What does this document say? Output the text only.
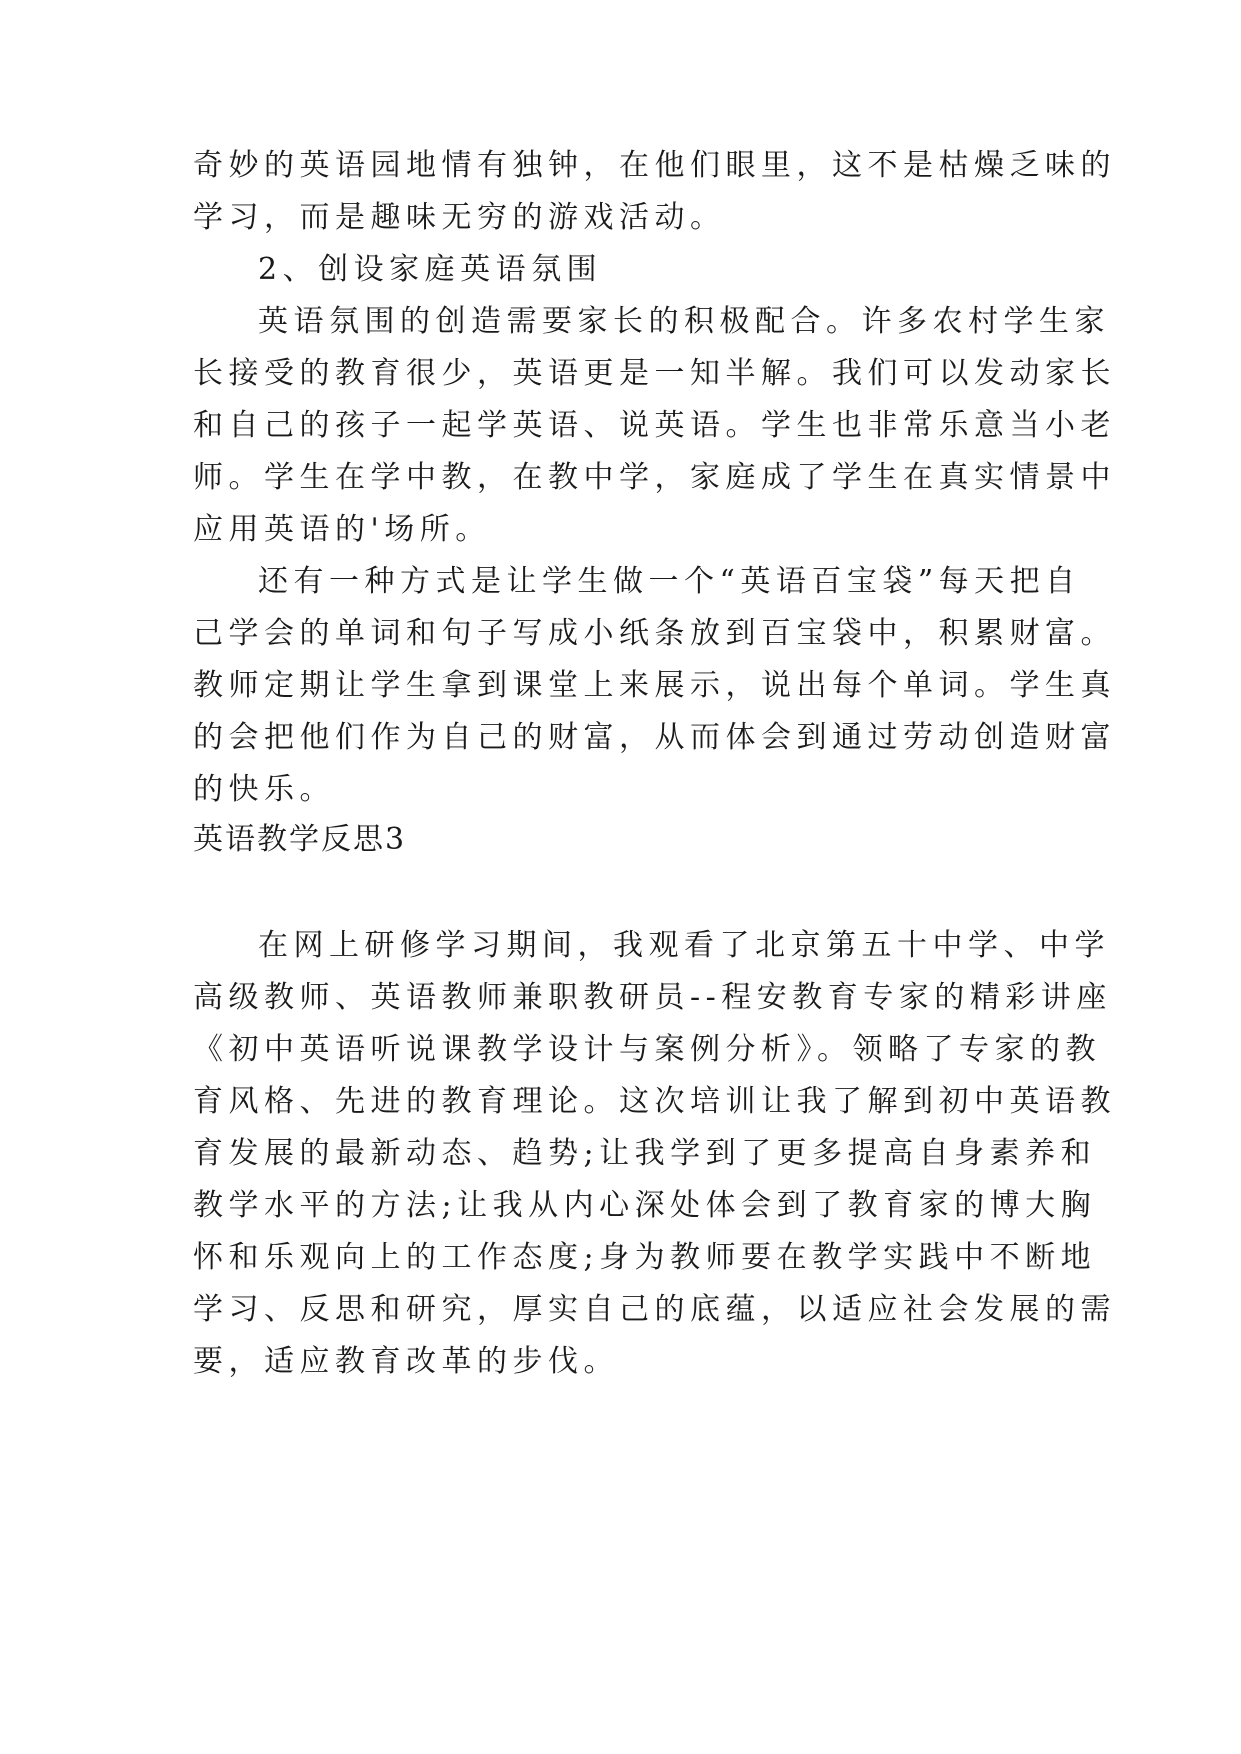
奇妙的英语园地情有独钟，在他们眼里，这不是枯燥乏味的
学习，而是趣味无穷的游戏活动。
2、创设家庭英语氛围
英语氛围的创造需要家长的积极配合。许多农村学生家
长接受的教育很少，英语更是一知半解。我们可以发动家长
和自己的孩子一起学英语、说英语。学生也非常乐意当小老
师。学生在学中教，在教中学，家庭成了学生在真实情景中
应用英语的'场所。
还有一种方式是让学生做一个“英语百宝袋”每天把自
己学会的单词和句子写成小纸条放到百宝袋中，积累财富。
教师定期让学生拿到课堂上来展示，说出每个单词。学生真
的会把他们作为自己的财富，从而体会到通过劳动创造财富
的快乐。
英语教学反思3
在网上研修学习期间，我观看了北京第五十中学、中学
高级教师、英语教师兼职教研员--程安教育专家的精彩讲座
《初中英语听说课教学设计与案例分析》。领略了专家的教
育风格、先进的教育理论。这次培训让我了解到初中英语教
育发展的最新动态、趋势;让我学到了更多提高自身素养和
教学水平的方法;让我从内心深处体会到了教育家的博大胸
怀和乐观向上的工作态度;身为教师要在教学实践中不断地
学习、反思和研究，厚实自己的底蕴，以适应社会发展的需
要，适应教育改革的步伐。
